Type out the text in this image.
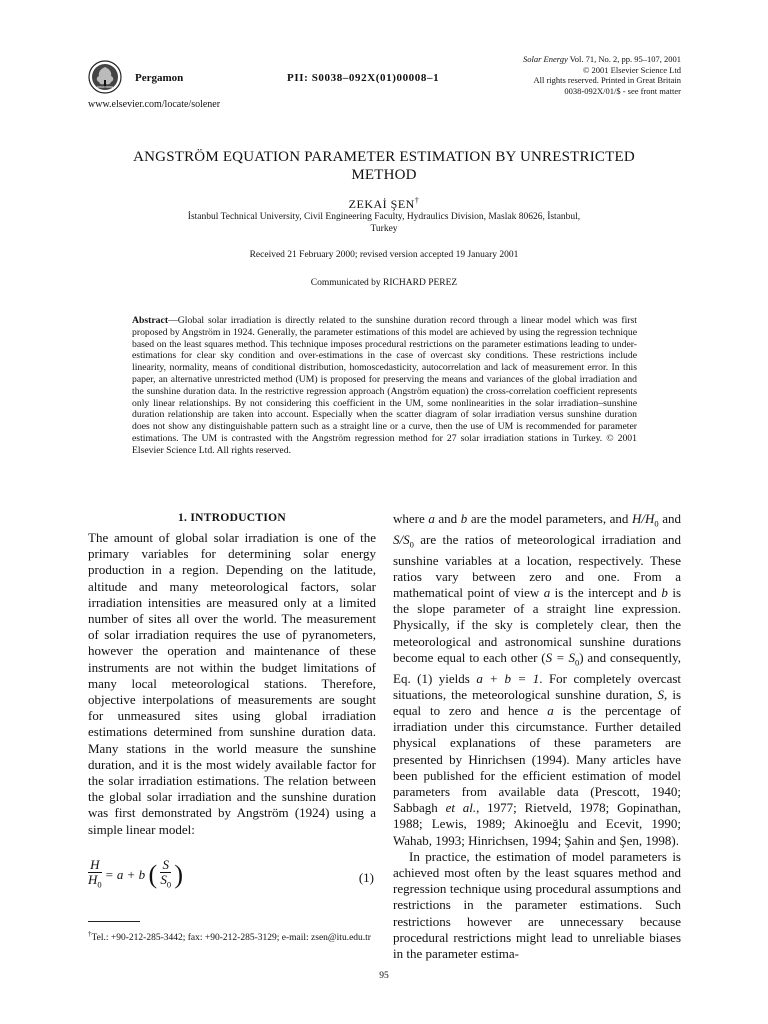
Pergamon	PII: S0038–092X(01)00008–1
Solar Energy Vol. 71, No. 2, pp. 95–107, 2001
© 2001 Elsevier Science Ltd
All rights reserved. Printed in Great Britain
0038-092X/01/$ - see front matter
www.elsevier.com/locate/solener
ANGSTRÖM EQUATION PARAMETER ESTIMATION BY UNRESTRICTED
METHOD
ZEKAİ ŞEN†
İstanbul Technical University, Civil Engineering Faculty, Hydraulics Division, Maslak 80626, İstanbul,
Turkey
Received 21 February 2000; revised version accepted 19 January 2001
Communicated by RICHARD PEREZ
Abstract—Global solar irradiation is directly related to the sunshine duration record through a linear model which was first proposed by Angström in 1924. Generally, the parameter estimations of this model are achieved by using the regression technique based on the least squares method. This technique imposes procedural restrictions on the parameter estimations leading to under-estimations for clear sky condition and over-estimations in the case of overcast sky conditions. These restrictions include linearity, normality, means of conditional distribution, homoscedasticity, autocorrelation and lack of measurement error. In this paper, an alternative unrestricted method (UM) is proposed for preserving the means and variances of the global irradiation and the sunshine duration data. In the restrictive regression approach (Angström equation) the cross-correlation coefficient represents only linear relationships. By not considering this coefficient in the UM, some nonlinearities in the solar irradiation–sunshine duration relationship are taken into account. Especially when the scatter diagram of solar irradiation versus sunshine duration does not show any distinguishable pattern such as a straight line or a curve, then the use of UM is recommended for parameter estimations. The UM is contrasted with the Angström regression method for 27 solar irradiation stations in Turkey. © 2001 Elsevier Science Ltd. All rights reserved.
1. INTRODUCTION

The amount of global solar irradiation is one of the primary variables for determining solar energy production in a region. Depending on the latitude, altitude and many meteorological factors, solar irradiation intensities are measured only at a limited number of sites all over the world. The measurement of solar irradiation requires the use of pyranometers, however the operation and maintenance of these instruments are not within the budget limitations of many local meteorological stations. Therefore, objective interpolations of measurements are sought for unmeasured sites using global irradiation estimations determined from sunshine duration data. Many stations in the world measure the sunshine duration, and it is the most widely available factor for the solar irradiation estimations. The relation between the global solar irradiation and the sunshine duration was first demonstrated by Angström (1924) using a simple linear model:

$\frac{H}{H_0} = a + b$ ( $\frac{S}{S_0}$ )	(1)
†Tel.: +90-212-285-3442; fax: +90-212-285-3129; e-mail: zsen@itu.edu.tr

where a and b are the model parameters, and $H/H_0$ and $S/S_0$ are the ratios of meteorological irradiation and sunshine variables at a location, respectively. These ratios vary between zero and one. From a mathematical point of view a is the intercept and b is the slope parameter of a straight line expression. Physically, if the sky is completely clear, then the meteorological and astronomical sunshine durations become equal to each other $(S = S_0)$ and consequently, Eq. (1) yields a + b = 1. For completely overcast situations, the meteorological sunshine duration, S, is equal to zero and hence a is the percentage of irradiation under this circumstance. Further detailed physical explanations of these parameters are presented by Hinrichsen (1994). Many articles have been published for the efficient estimation of model parameters from available data (Prescott, 1940; Sabbagh et al., 1977; Rietveld, 1978; Gopinathan, 1988; Lewis, 1989; Akinoeğlu and Ecevit, 1990; Wahab, 1993; Hinrichsen, 1994; Şahin and Şen, 1998).

In practice, the estimation of model parameters is achieved most often by the least squares method and regression technique using procedural assumptions and restrictions in the parameter estimations. Such restrictions however are unnecessary because procedural restrictions might lead to unreliable biases in the parameter estima-

95
